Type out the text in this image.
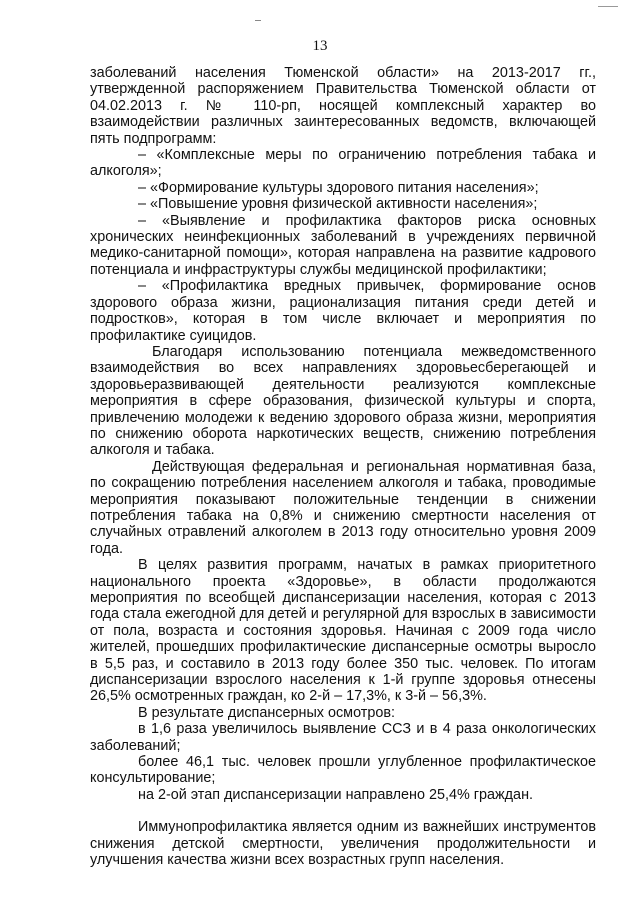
13

заболеваний населения Тюменской области» на 2013-2017 гг., утвержденной распоряжением Правительства Тюменской области от 04.02.2013 г. № 110-рп, носящей комплексный характер во взаимодействии различных заинтересованных ведомств, включающей пять подпрограмм:

– «Комплексные меры по ограничению потребления табака и алкоголя»;

– «Формирование культуры здорового питания населения»;

– «Повышение уровня физической активности населения»;

– «Выявление и профилактика факторов риска основных хронических неинфекционных заболеваний в учреждениях первичной медико-санитарной помощи», которая направлена на развитие кадрового потенциала и инфраструктуры службы медицинской профилактики;

– «Профилактика вредных привычек, формирование основ здорового образа жизни, рационализация питания среди детей и подростков», которая в том числе включает и мероприятия по профилактике суицидов.

Благодаря использованию потенциала межведомственного взаимодействия во всех направлениях здоровьесберегающей и здоровьеразвивающей деятельности реализуются комплексные мероприятия в сфере образования, физической культуры и спорта, привлечению молодежи к ведению здорового образа жизни, мероприятия по снижению оборота наркотических веществ, снижению потребления алкоголя и табака.

Действующая федеральная и региональная нормативная база, по сокращению потребления населением алкоголя и табака, проводимые мероприятия показывают положительные тенденции в снижении потребления табака на 0,8% и снижению смертности населения от случайных отравлений алкоголем в 2013 году относительно уровня 2009 года.

В целях развития программ, начатых в рамках приоритетного национального проекта «Здоровье», в области продолжаются мероприятия по всеобщей диспансеризации населения, которая с 2013 года стала ежегодной для детей и регулярной для взрослых в зависимости от пола, возраста и состояния здоровья. Начиная с 2009 года число жителей, прошедших профилактические диспансерные осмотры выросло в 5,5 раз, и составило в 2013 году более 350 тыс. человек. По итогам диспансеризации взрослого населения к 1-й группе здоровья отнесены 26,5% осмотренных граждан, ко 2-й – 17,3%, к 3-й – 56,3%.

В результате диспансерных осмотров:

в 1,6 раза увеличилось выявление ССЗ и в 4 раза онкологических заболеваний;

более 46,1 тыс. человек прошли углубленное профилактическое консультирование;

на 2-ой этап диспансеризации направлено 25,4% граждан.

Иммунопрофилактика является одним из важнейших инструментов снижения детской смертности, увеличения продолжительности и улучшения качества жизни всех возрастных групп населения.
